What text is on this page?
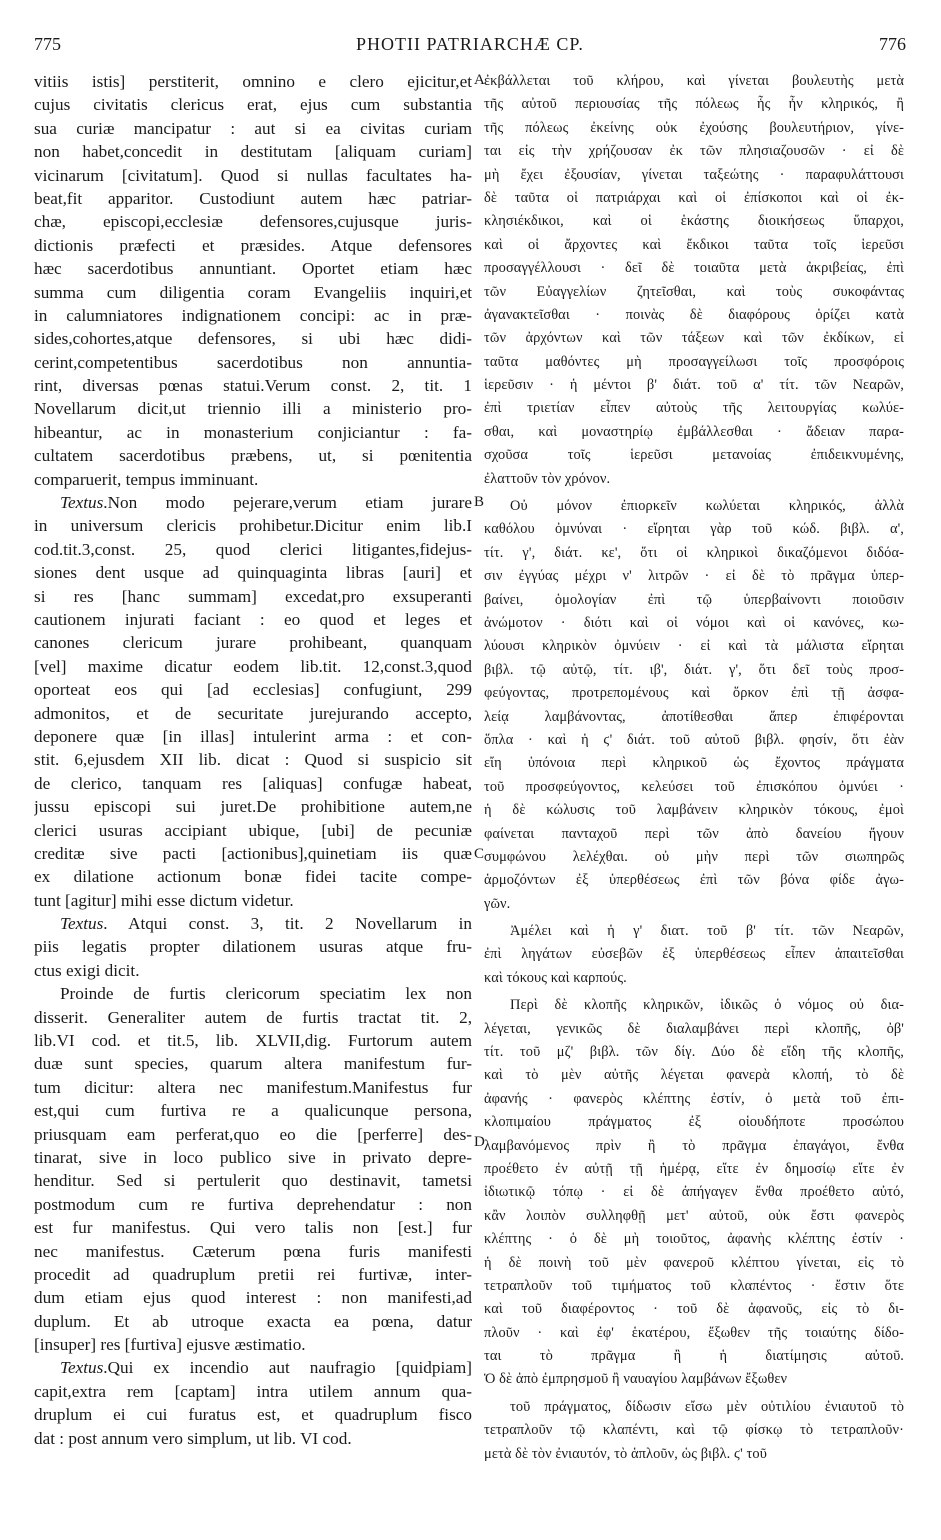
775	PHOTII PATRIARCHÆ CP.	776
vitiis istis] perstiterit, omnino e clero ejicitur,et
cujus civitatis clericus erat, ejus cum substantia
sua curiæ mancipatur : aut si ea civitas curiam
non habet,concedit in destitutam [aliquam curiam]
vicinarum [civitatum]. Quod si nullas facultates ha-
beat,fit apparitor. Custodiunt autem hæc patriar-
chæ, episcopi,ecclesiæ defensores,cujusque juris-
dictionis præfecti et præsides. Atque defensores
hæc sacerdotibus annuntiant. Oportet etiam hæc
summa cum diligentia coram Evangeliis inquiri,et
in calumniatores indignationem concipi: ac in præ-
sides,cohortes,atque defensores, si ubi hæc didi-
cerint,competentibus sacerdotibus non annuntia-
rint, diversas pœnas statui.Verum const. 2, tit. 1
Novellarum dicit,ut triennio illi a ministerio pro-
hibeantur, ac in monasterium conjiciantur : fa-
cultatem sacerdotibus præbens, ut, si pœnitentia
comparuerit, tempus imminuant.
Textus.Non modo pejerare,verum etiam jurare
in universum clericis prohibetur.Dicitur enim lib.I
cod.tit.3,const. 25, quod clerici litigantes,fidejus-
siones dent usque ad quinquaginta libras [auri] et
si res [hanc summam] excedat,pro exsuperanti
cautionem injurati faciant : eo quod et leges et
canones clericum jurare prohibeant, quanquam
[vel] maxime dicatur eodem lib.tit. 12,const.3,quod
oporteat eos qui [ad ecclesias] confugiunt, 299
admonitos, et de securitate jurejurando accepto,
deponere quæ [in illas] intulerint arma : et con-
stit. 6,ejusdem XII lib. dicat : Quod si suspicio sit
de clerico, tanquam res [aliquas] confugæ habeat,
jussu episcopi sui juret.De prohibitione autem,ne
clerici usuras accipiant ubique, [ubi] de pecuniæ
creditæ sive pacti [actionibus],quinetiam iis quæ
ex dilatione actionum bonæ fidei tacite compe-
tunt [agitur] mihi esse dictum videtur.
Textus. Atqui const. 3, tit. 2 Novellarum in
piis legatis propter dilationem usuras atque fru-
ctus exigi dicit.
Proinde de furtis clericorum speciatim lex non
disserit. Generaliter autem de furtis tractat tit. 2,
lib.VI cod. et tit.5, lib. XLVII,dig. Furtorum autem
duæ sunt species, quarum altera manifestum fur-
tum dicitur: altera nec manifestum.Manifestus fur
est,qui cum furtiva re a qualicunque persona,
priusquam eam perferat,quo eo die [perferre] des-
tinarat, sive in loco publico sive in privato depre-
henditur. Sed si pertulerit quo destinavit, tametsi
postmodum cum re furtiva deprehendatur : non
est fur manifestus. Qui vero talis non [est.] fur
nec manifestus. Cæterum pœna furis manifesti
procedit ad quadruplum pretii rei furtivæ, inter-
dum etiam ejus quod interest : non manifesti,ad
duplum. Et ab utroque exacta ea pœna, datur
[insuper] res [furtiva] ejusve æstimatio.
Textus.Qui ex incendio aut naufragio [quidpiam]
capit,extra rem [captam] intra utilem annum qua-
druplum ei cui furatus est, et quadruplum fisco
dat : post annum vero simplum, ut lib. VI cod.
ἐκβάλλεται τοῦ κλήρου, καὶ γίνεται βουλευτὴς μετὰ
τῆς αὐτοῦ περιουσίας τῆς πόλεως ἧς ἦν κληρικός, ἢ
τῆς πόλεως ἐκείνης οὐκ ἐχούσης βουλευτήριον, γίνε-
ται εἰς τὴν χρήζουσαν ἐκ τῶν πλησιαζουσῶν · εἰ δὲ
μὴ ἔχει ἐξουσίαν, γίνεται ταξεώτης · παραφυλάττουσι
δὲ ταῦτα οἱ πατριάρχαι καὶ οἱ ἐπίσκοποι καὶ οἱ ἐκ-
κλησιέκδικοι, καὶ οἱ ἑκάστης διοικήσεως ὕπαρχοι,
καὶ οἱ ἄρχοντες καὶ ἔκδικοι ταῦτα τοῖς ἱερεῦσι
προσαγγέλλουσι · δεῖ δὲ τοιαῦτα μετὰ ἀκριβείας, ἐπὶ
τῶν Εὐαγγελίων ζητεῖσθαι, καὶ τοὺς συκοφάντας
ἀγανακτεῖσθαι · ποινὰς δὲ διαφόρους ὁρίζει κατὰ
τῶν ἀρχόντων καὶ τῶν τάξεων καὶ τῶν ἐκδίκων, εἰ
ταῦτα μαθόντες μὴ προσαγγείλωσι τοῖς προσφόροις
ἱερεῦσιν · ἡ μέντοι β' διάτ. τοῦ α' τίτ. τῶν Νεαρῶν,
ἐπὶ τριετίαν εἶπεν αὐτοὺς τῆς λειτουργίας κωλύε-
σθαι, καὶ μοναστηρίῳ ἐμβάλλεσθαι · ἄδειαν παρα-
σχοῦσα τοῖς ἱερεῦσι μετανοίας ἐπιδεικνυμένης,
ἐλαττοῦν τὸν χρόνον.
Οὐ μόνον ἐπιορκεῖν κωλύεται κληρικός, ἀλλὰ
καθόλου ὀμνύναι · εἴρηται γὰρ τοῦ κώδ. βιβλ. α',
τίτ. γ', διάτ. κε', ὅτι οἱ κληρικοὶ δικαζόμενοι διδόα-
σιν ἐγγύας μέχρι ν' λιτρῶν · εἰ δὲ τὸ πρᾶγμα ὑπερ-
βαίνει, ὁμολογίαν ἐπὶ τῷ ὑπερβαίνοντι ποιοῦσιν
ἀνώμοτον · διότι καὶ οἱ νόμοι καὶ οἱ κανόνες, κω-
λύουσι κληρικὸν ὀμνύειν · εἰ καὶ τὰ μάλιστα εἴρηται
βιβλ. τῷ αὐτῷ, τίτ. ιβ', διάτ. γ', ὅτι δεῖ τοὺς προσ-
φεύγοντας, προτρεπομένους καὶ ὅρκον ἐπὶ τῇ ἀσφα-
λείᾳ λαμβάνοντας, ἀποτίθεσθαι ἅπερ ἐπιφέρονται
ὅπλα · καὶ ἡ ϛ' διάτ. τοῦ αὐτοῦ βιβλ. φησίν, ὅτι ἐὰν
εἴη ὑπόνοια περὶ κληρικοῦ ὡς ἔχοντος πράγματα
τοῦ προσφεύγοντος, κελεύσει τοῦ ἐπισκόπου ὀμνύει ·
ἡ δὲ κώλυσις τοῦ λαμβάνειν κληρικὸν τόκους, ἐμοὶ
φαίνεται πανταχοῦ περὶ τῶν ἀπὸ δανείου ἤγουν
συμφώνου λελέχθαι. οὐ μὴν περὶ τῶν σιωπηρῶς
ἁρμοζόντων ἐξ ὑπερθέσεως ἐπὶ τῶν βόνα φίδε ἀγω-
γῶν.
Ἀμέλει καὶ ἡ γ' διατ. τοῦ β' τίτ. τῶν Νεαρῶν,
ἐπὶ ληγάτων εὐσεβῶν ἐξ ὑπερθέσεως εἶπεν ἀπαιτεῖσθαι
καὶ τόκους καὶ καρπούς.
Περὶ δὲ κλοπῆς κληρικῶν, ἰδικῶς ὁ νόμος οὐ δια-
λέγεται, γενικῶς δὲ διαλαμβάνει περὶ κλοπῆς, ὀβ'
τίτ. τοῦ μζ' βιβλ. τῶν δίγ. Δύο δὲ εἴδη τῆς κλοπῆς,
καὶ τὸ μὲν αὐτῆς λέγεται φανερὰ κλοπή, τὸ δὲ
ἀφανής · φανερὸς κλέπτης ἐστίν, ὁ μετὰ τοῦ ἐπι-
κλοπιμαίου πράγματος ἐξ οἱουδήποτε προσώπου
λαμβανόμενος πρὶν ἢ τὸ πρᾶγμα ἐπαγάγοι, ἔνθα
προέθετο ἐν αὐτῇ τῇ ἡμέρᾳ, εἴτε ἐν δημοσίῳ εἴτε ἐν
ἰδιωτικῷ τόπῳ · εἰ δὲ ἀπήγαγεν ἔνθα προέθετο αὐτό,
κἂν λοιπὸν συλληφθῇ μετ' αὐτοῦ, οὐκ ἔστι φανερὸς
κλέπτης · ὁ δὲ μὴ τοιοῦτος, ἀφανὴς κλέπτης ἐστίν ·
ἡ δὲ ποινὴ τοῦ μὲν φανεροῦ κλέπτου γίνεται, εἰς τὸ
τετραπλοῦν τοῦ τιμήματος τοῦ κλαπέντος · ἔστιν ὅτε
καὶ τοῦ διαφέροντος · τοῦ δὲ ἀφανοῦς, εἰς τὸ δι-
πλοῦν · καὶ ἐφ' ἑκατέρου, ἔξωθεν τῆς τοιαύτης δίδο-
ται τὸ πρᾶγμα ἢ ἡ διατίμησις αὐτοῦ.
Ὁ δὲ ἀπὸ ἐμπρησμοῦ ἢ ναυαγίου λαμβάνων ἔξωθεν
τοῦ πράγματος, δίδωσιν εἴσω μὲν οὐτιλίου ἐνιαυτοῦ τὸ
τετραπλοῦν τῷ κλαπέντι, καὶ τῷ φίσκῳ τὸ τετραπλοῦν·
μετὰ δὲ τὸν ἐνιαυτόν, τὸ ἁπλοῦν, ὡς βιβλ. ϛ' τοῦ
A
B
C
D
